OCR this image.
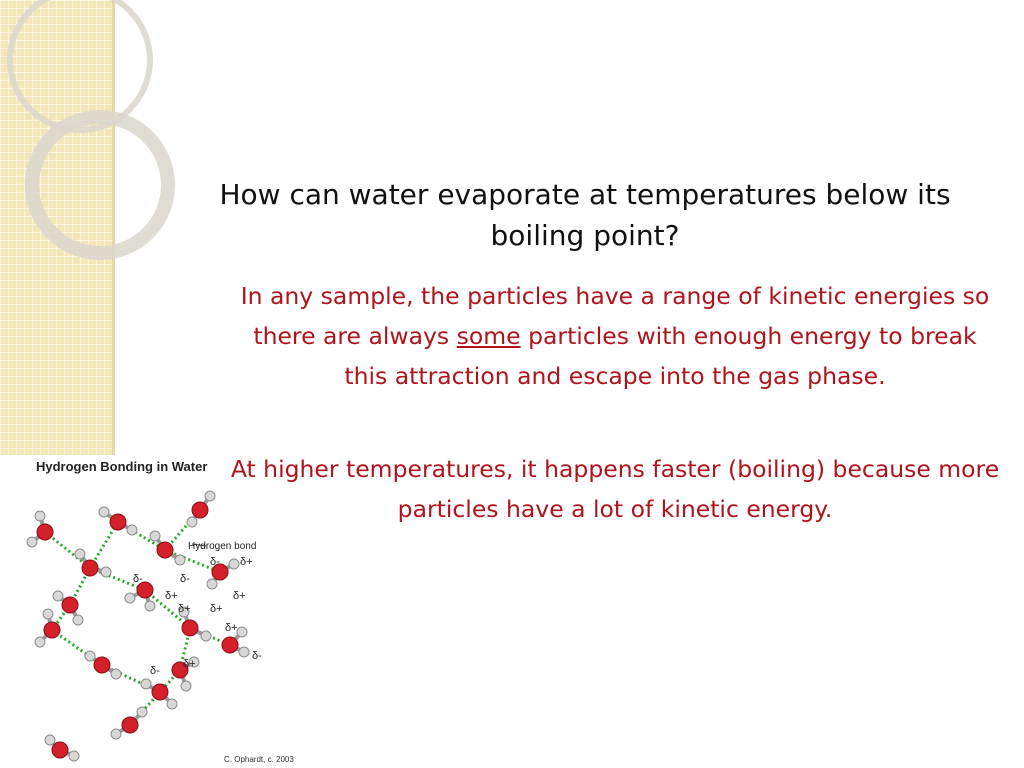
How can water evaporate at temperatures below its boiling point?

In any sample, the particles have a range of kinetic energies so there are always some particles with enough energy to break this attraction and escape into the gas phase.

At higher temperatures, it happens faster (boiling) because more particles have a lot of kinetic energy.

Hydrogen Bonding in Water
Hydrogen bond
δ- δ+
δ-	δ-
δ+	δ+
δ+ δ+
δ+
δ-
δ+
δ-
C. Ophardt, c. 2003
